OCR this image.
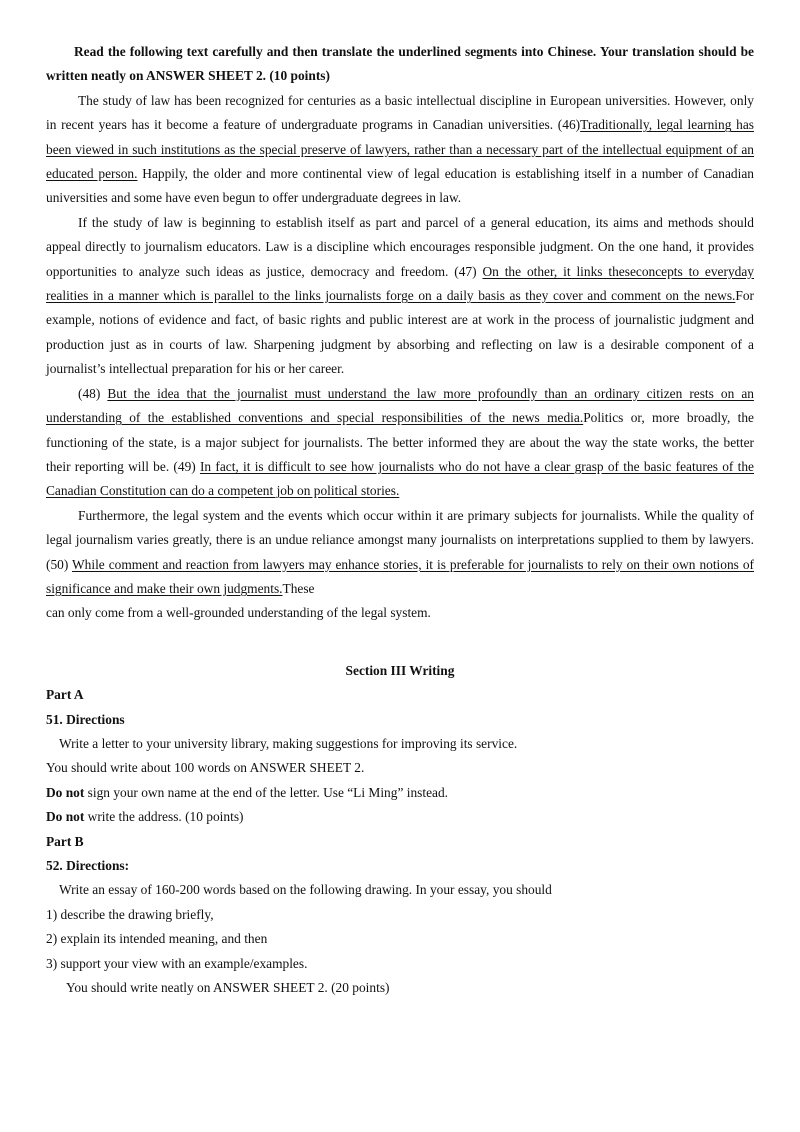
Read the following text carefully and then translate the underlined segments into Chinese. Your translation should be written neatly on ANSWER SHEET 2. (10 points)

The study of law has been recognized for centuries as a basic intellectual discipline in European universities. However, only in recent years has it become a feature of undergraduate programs in Canadian universities. (46)Traditionally, legal learning has been viewed in such institutions as the special preserve of lawyers, rather than a necessary part of the intellectual equipment of an educated person. Happily, the older and more continental view of legal education is establishing itself in a number of Canadian universities and some have even begun to offer undergraduate degrees in law.

If the study of law is beginning to establish itself as part and parcel of a general education, its aims and methods should appeal directly to journalism educators. Law is a discipline which encourages responsible judgment. On the one hand, it provides opportunities to analyze such ideas as justice, democracy and freedom. (47) On the other, it links theseconcepts to everyday realities in a manner which is parallel to the links journalists forge on a daily basis as they cover and comment on the news.For example, notions of evidence and fact, of basic rights and public interest are at work in the process of journalistic judgment and production just as in courts of law. Sharpening judgment by absorbing and reflecting on law is a desirable component of a journalist’s intellectual preparation for his or her career.

(48) But the idea that the journalist must understand the law more profoundly than an ordinary citizen rests on an understanding of the established conventions and special responsibilities of the news media.Politics or, more broadly, the functioning of the state, is a major subject for journalists. The better informed they are about the way the state works, the better their reporting will be. (49) In fact, it is difficult to see how journalists who do not have a clear grasp of the basic features of the Canadian Constitution can do a competent job on political stories.

Furthermore, the legal system and the events which occur within it are primary subjects for journalists. While the quality of legal journalism varies greatly, there is an undue reliance amongst many journalists on interpretations supplied to them by lawyers. (50) While comment and reaction from lawyers may enhance stories, it is preferable for journalists to rely on their own notions of significance and make their own judgments.These

can only come from a well-grounded understanding of the legal system.

Section III Writing

Part A

51. Directions

Write a letter to your university library, making suggestions for improving its service.

You should write about 100 words on ANSWER SHEET 2.

Do not sign your own name at the end of the letter. Use “Li Ming” instead.

Do not write the address. (10 points)

Part B

52. Directions:

Write an essay of 160-200 words based on the following drawing. In your essay, you should

1) describe the drawing briefly,

2) explain its intended meaning, and then

3) support your view with an example/examples.

You should write neatly on ANSWER SHEET 2. (20 points)
